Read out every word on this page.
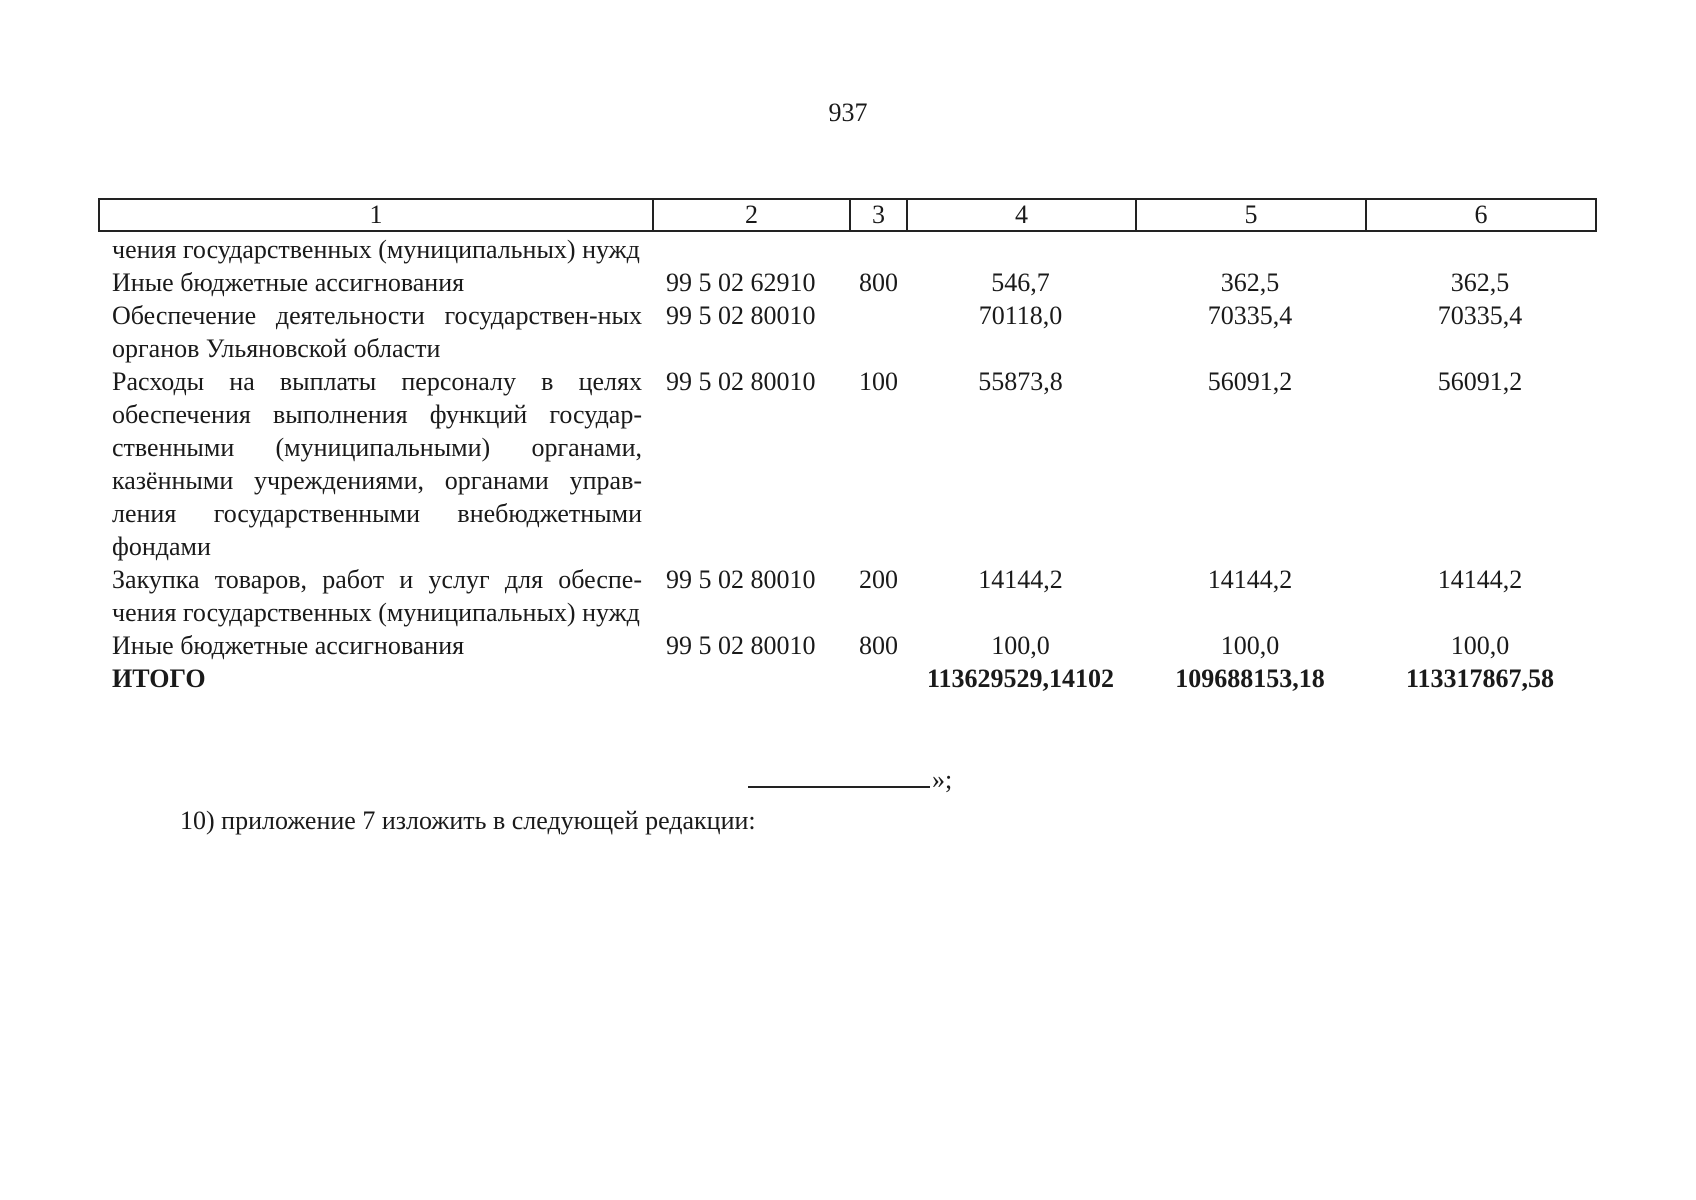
937
1	2	3	4	5	6
чения государственных (муниципальных) нужд					
Иные бюджетные ассигнования	99 5 02 62910	800	546,7	362,5	362,5
Обеспечение деятельности государствен-ных органов Ульяновской области	99 5 02 80010		70118,0	70335,4	70335,4
Расходы на выплаты персоналу в целях обеспечения выполнения функций государ-ственными (муниципальными) органами, казёнными учреждениями, органами управ-ления государственными внебюджетными фондами	99 5 02 80010	100	55873,8	56091,2	56091,2
Закупка товаров, работ и услуг для обеспе-чения государственных (муниципальных) нужд	99 5 02 80010	200	14144,2	14144,2	14144,2
Иные бюджетные ассигнования	99 5 02 80010	800	100,0	100,0	100,0
ИТОГО			113629529,14102	109688153,18	113317867,58
»;
10) приложение 7 изложить в следующей редакции:
